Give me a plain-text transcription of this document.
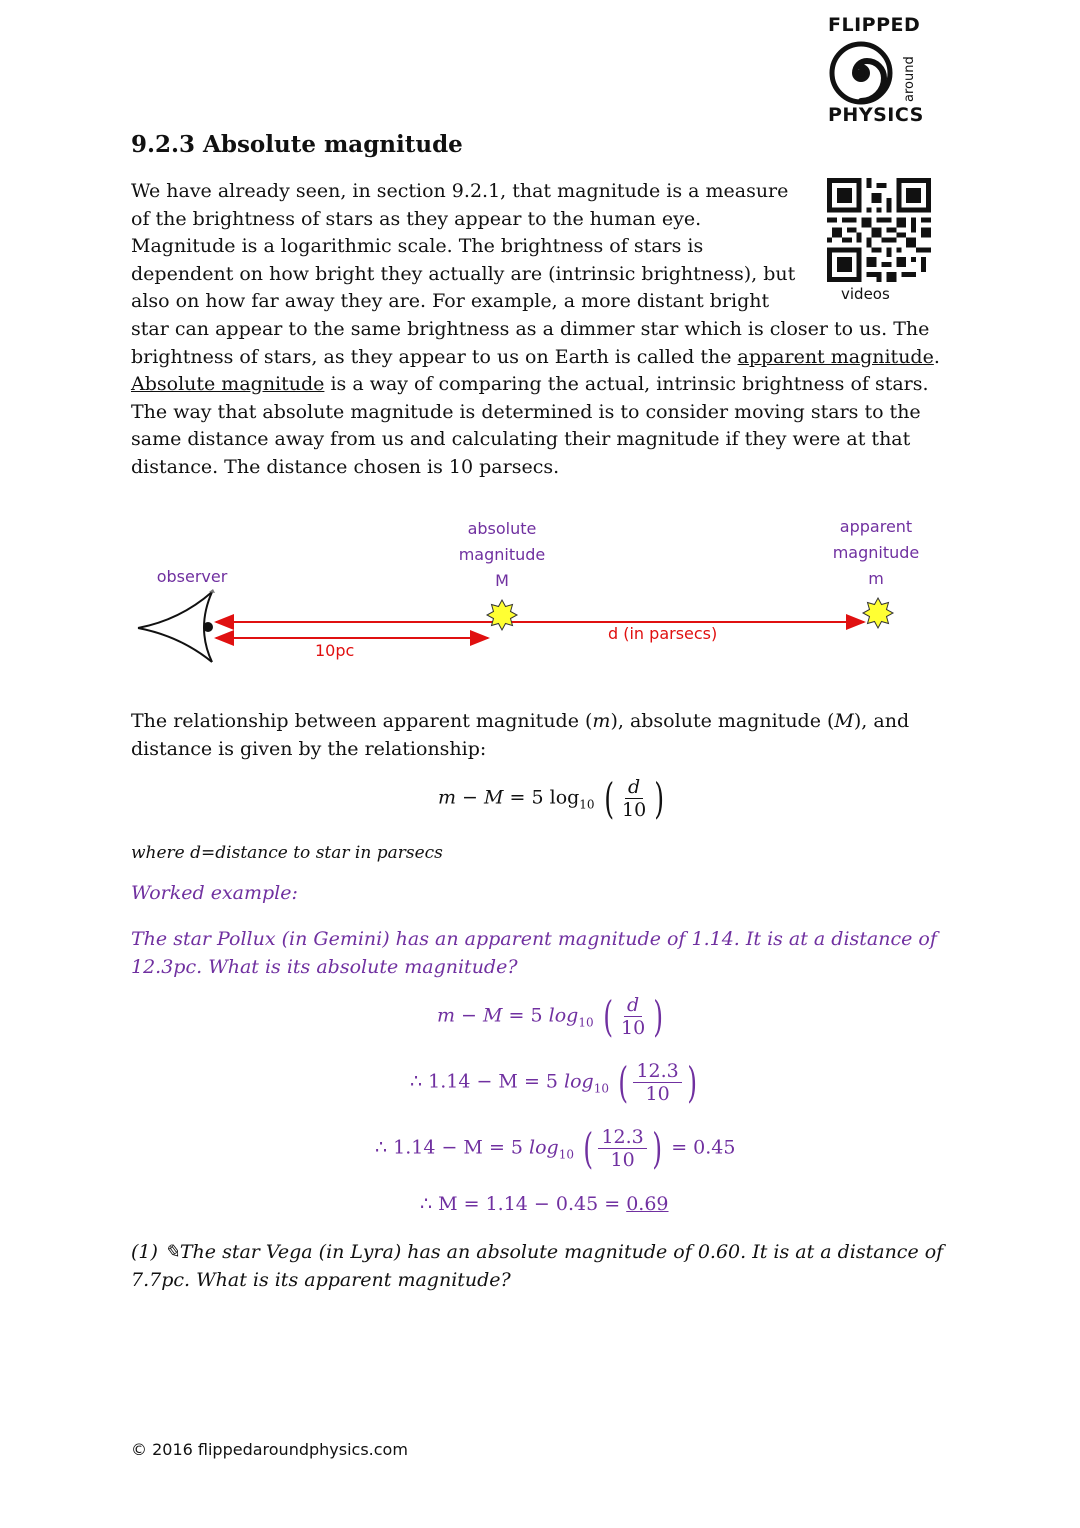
FLIPPED
around
PHYSICS
9.2.3 Absolute magnitude
videos
We have already seen, in section 9.2.1, that magnitude is a measure of the brightness of stars as they appear to the human eye. Magnitude is a logarithmic scale. The brightness of stars is dependent on how bright they actually are (intrinsic brightness), but also on how far away they are. For example, a more distant bright star can appear to the same brightness as a dimmer star which is closer to us. The brightness of stars, as they appear to us on Earth is called the apparent magnitude. Absolute magnitude is a way of comparing the actual, intrinsic brightness of stars. The way that absolute magnitude is determined is to consider moving stars to the same distance away from us and calculating their magnitude if they were at that distance. The distance chosen is 10 parsecs.
observer
absolute
magnitude
M
apparent
magnitude
m
10pc
d (in parsecs)
The relationship between apparent magnitude (m), absolute magnitude (M), and distance is given by the relationship:
m − M = 5 $\log_{10}$ ( $\frac{d}{10}$ )
where d=distance to star in parsecs
Worked example:
The star Pollux (in Gemini) has an apparent magnitude of 1.14. It is at a distance of 12.3pc. What is its absolute magnitude?
m − M = 5 $\log_{10}$ ( $\frac{d}{10}$ )
∴ 1.14 − M = 5 $\log_{10}$ ( $\frac{12.3}{10}$ )
∴ 1.14 − M = 5 $\log_{10}$ ( $\frac{12.3}{10}$ ) = 0.45
∴ M = 1.14 − 0.45 = 0.69
(1) ✎The star Vega (in Lyra) has an absolute magnitude of 0.60. It is at a distance of 7.7pc. What is its apparent magnitude?
© 2016 flippedaroundphysics.com
